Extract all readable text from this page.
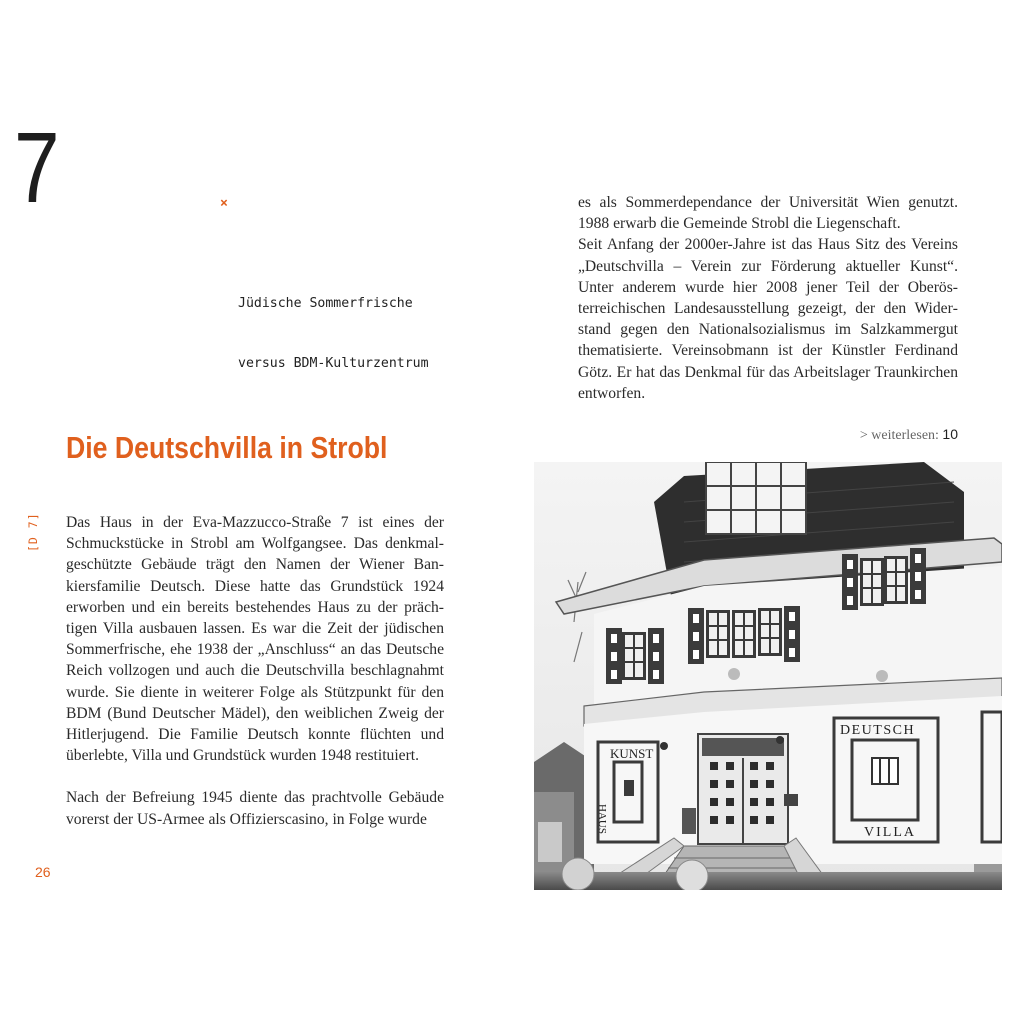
7

	×

Jüdische Sommerfrische

versus BDM-Kulturzentrum

es als Sommerdependance der Universität Wien genutzt. 1988 erwarb die Gemeinde Strobl die Liegenschaft.

Seit Anfang der 2000er-Jahre ist das Haus Sitz des Vereins „Deutschvilla – Verein zur Förderung aktueller Kunst“. Unter anderem wurde hier 2008 jener Teil der Oberösterreichischen Landesausstellung gezeigt, der den Widerstand gegen den Nationalsozialismus im Salzkammergut thematisierte. Vereinsobmann ist der Künstler Ferdinand Götz. Er hat das Denkmal für das Arbeitslager Traunkirchen entworfen.

> weiterlesen: 10
Die Deutschvilla in Strobl
[D 7] Das Haus in der Eva-Mazzucco-Straße 7 ist eines der Schmuckstücke in Strobl am Wolfgangsee. Das denkmalgeschützte Gebäude trägt den Namen der Wiener Bankiersfamilie Deutsch. Diese hatte das Grundstück 1924 erworben und ein bereits bestehendes Haus zu der prächtigen Villa ausbauen lassen. Es war die Zeit der jüdischen Sommerfrische, ehe 1938 der „Anschluss“ an das Deutsche Reich vollzogen und auch die Deutschvilla beschlagnahmt wurde. Sie diente in weiterer Folge als Stützpunkt für den BDM (Bund Deutscher Mädel), den weiblichen Zweig der Hitlerjugend. Die Familie Deutsch konnte flüchten und überlebte, Villa und Grundstück wurden 1948 restituiert.

Nach der Befreiung 1945 diente das prachtvolle Gebäude vorerst der US-Armee als Offizierscasino, in Folge wurde

26
KUNST
HAUS
DEUTSCH
VILLA
